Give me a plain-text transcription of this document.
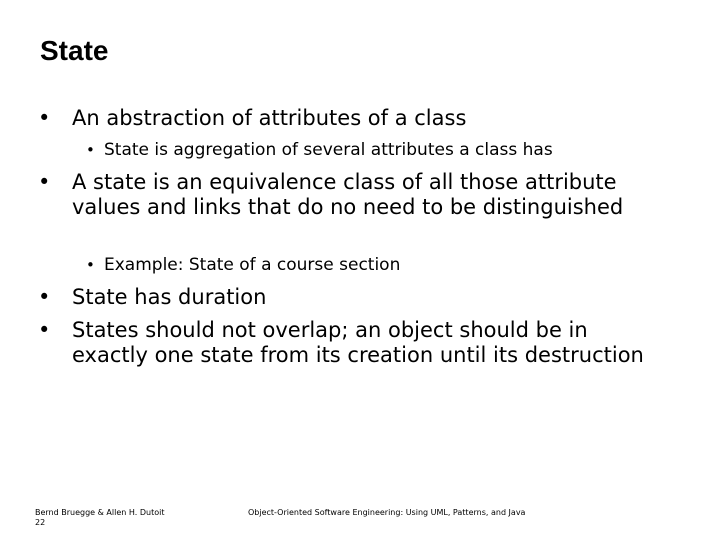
State
• An abstraction of attributes of a class
• State is aggregation of several attributes a class has
• A state is an equivalence class of all those attribute values and links that do no need to be distinguished
• Example: State of a course section
• State has duration
• States should not overlap; an object should be in exactly one state from its creation until its destruction
Bernd Bruegge & Allen H. Dutoit
22
Object-Oriented Software Engineering: Using UML, Patterns, and Java
